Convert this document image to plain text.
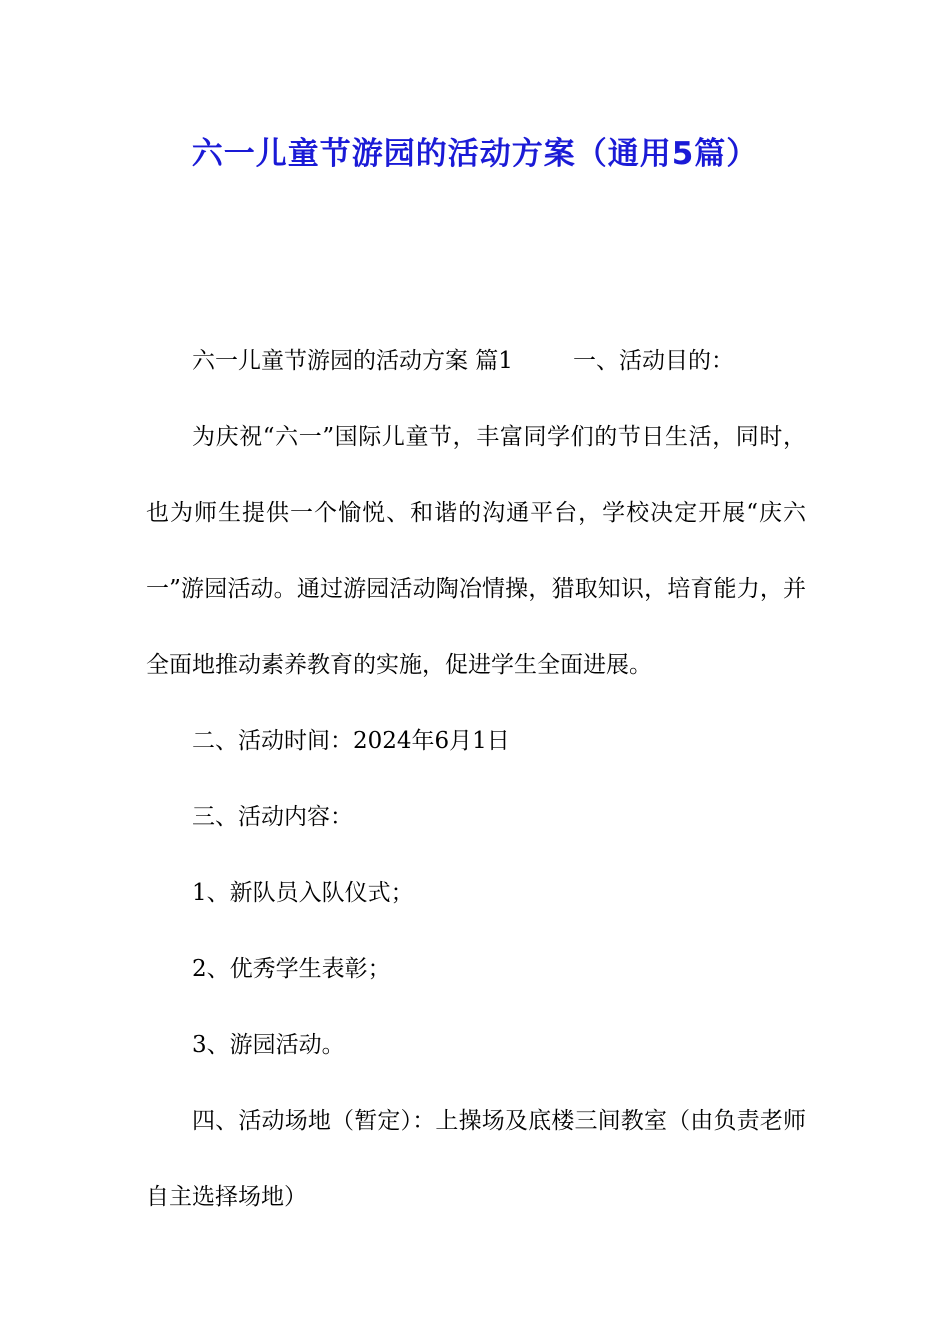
六一儿童节游园的活动方案（通用5篇）

六一儿童节游园的活动方案 篇1	一、活动目的：

为庆祝“六一”国际儿童节，丰富同学们的节日生活，同时，也为师生提供一个愉悦、和谐的沟通平台，学校决定开展“庆六一”游园活动。通过游园活动陶冶情操，猎取知识，培育能力，并全面地推动素养教育的实施，促进学生全面进展。

二、活动时间：2024年6月1日

三、活动内容：

1、新队员入队仪式；

2、优秀学生表彰；

3、游园活动。

四、活动场地（暂定）：上操场及底楼三间教室（由负责老师自主选择场地）
